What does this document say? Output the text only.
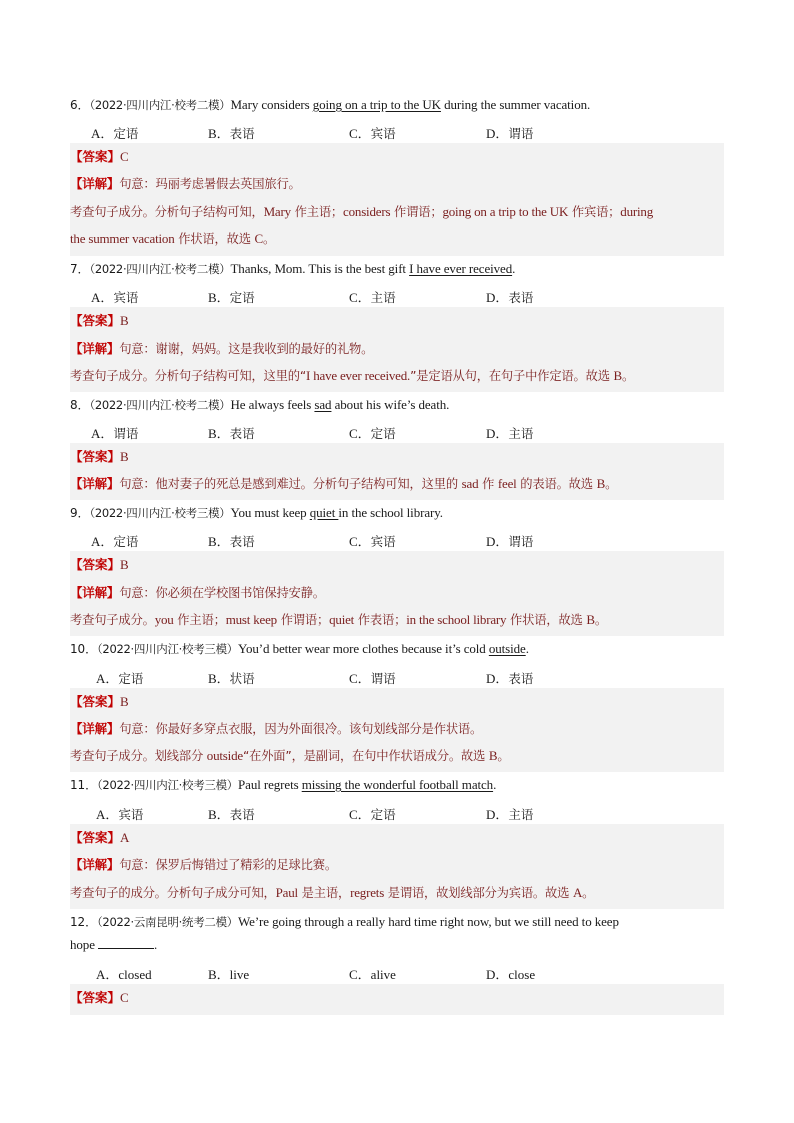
6．（2022·四川内江·校考二模）Mary considers going on a trip to the UK during the summer vacation.
A．定语	B．表语	C．宾语	D．谓语
【答案】C
【详解】句意：玛丽考虑暑假去英国旅行。
考查句子成分。分析句子结构可知，Mary 作主语；considers 作谓语；going on a trip to the UK 作宾语；during
the summer vacation 作状语，故选 C。
7．（2022·四川内江·校考二模）Thanks, Mom. This is the best gift I have ever received.
A．宾语	B．定语	C．主语	D．表语
【答案】B
【详解】句意：谢谢，妈妈。这是我收到的最好的礼物。
考查句子成分。分析句子结构可知，这里的“I have ever received.”是定语从句，在句子中作定语。故选 B。
8．（2022·四川内江·校考二模）He always feels sad about his wife’s death.
A．谓语	B．表语	C．定语	D．主语
【答案】B
【详解】句意：他对妻子的死总是感到难过。分析句子结构可知，这里的 sad 作 feel 的表语。故选 B。
9．（2022·四川内江·校考三模）You must keep quiet in the school library.
A．定语	B．表语	C．宾语	D．谓语
【答案】B
【详解】句意：你必须在学校图书馆保持安静。
考查句子成分。you 作主语；must keep 作谓语；quiet 作表语；in the school library 作状语，故选 B。
10．（2022·四川内江·校考三模）You’d better wear more clothes because it’s cold outside.
A．定语	B．状语	C．谓语	D．表语
【答案】B
【详解】句意：你最好多穿点衣服，因为外面很冷。该句划线部分是作状语。
考查句子成分。划线部分 outside“在外面”，是副词，在句中作状语成分。故选 B。
11．（2022·四川内江·校考三模）Paul regrets missing the wonderful football match.
A．宾语	B．表语	C．定语	D．主语
【答案】A
【详解】句意：保罗后悔错过了精彩的足球比赛。
考查句子的成分。分析句子成分可知，Paul 是主语，regrets 是谓语，故划线部分为宾语。故选 A。
12．（2022·云南昆明·统考二模）We’re going through a really hard time right now, but we still need to keep
hope	.
A．closed	B．live	C．alive	D．close
【答案】C
